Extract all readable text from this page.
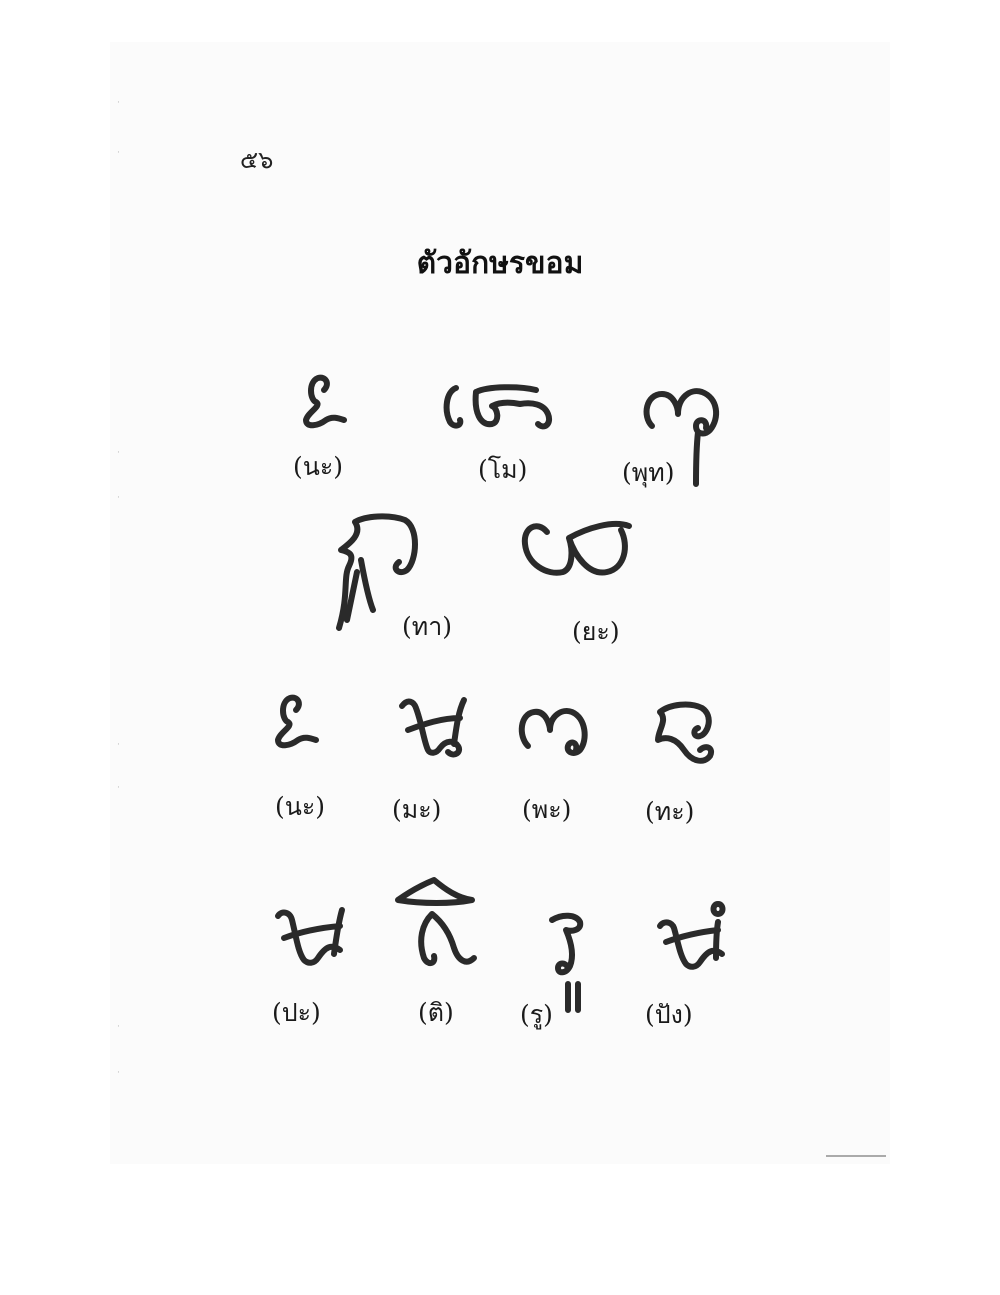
·
·
·
·
·
·
·
·
๕๖
ตัวอักษรขอม
(นะ)	(โม)	(พุท)
(ทา)	(ยะ)
(นะ)	(มะ)	(พะ)	(ทะ)
(ปะ)	(ติ)	(รู)	(ปัง)
